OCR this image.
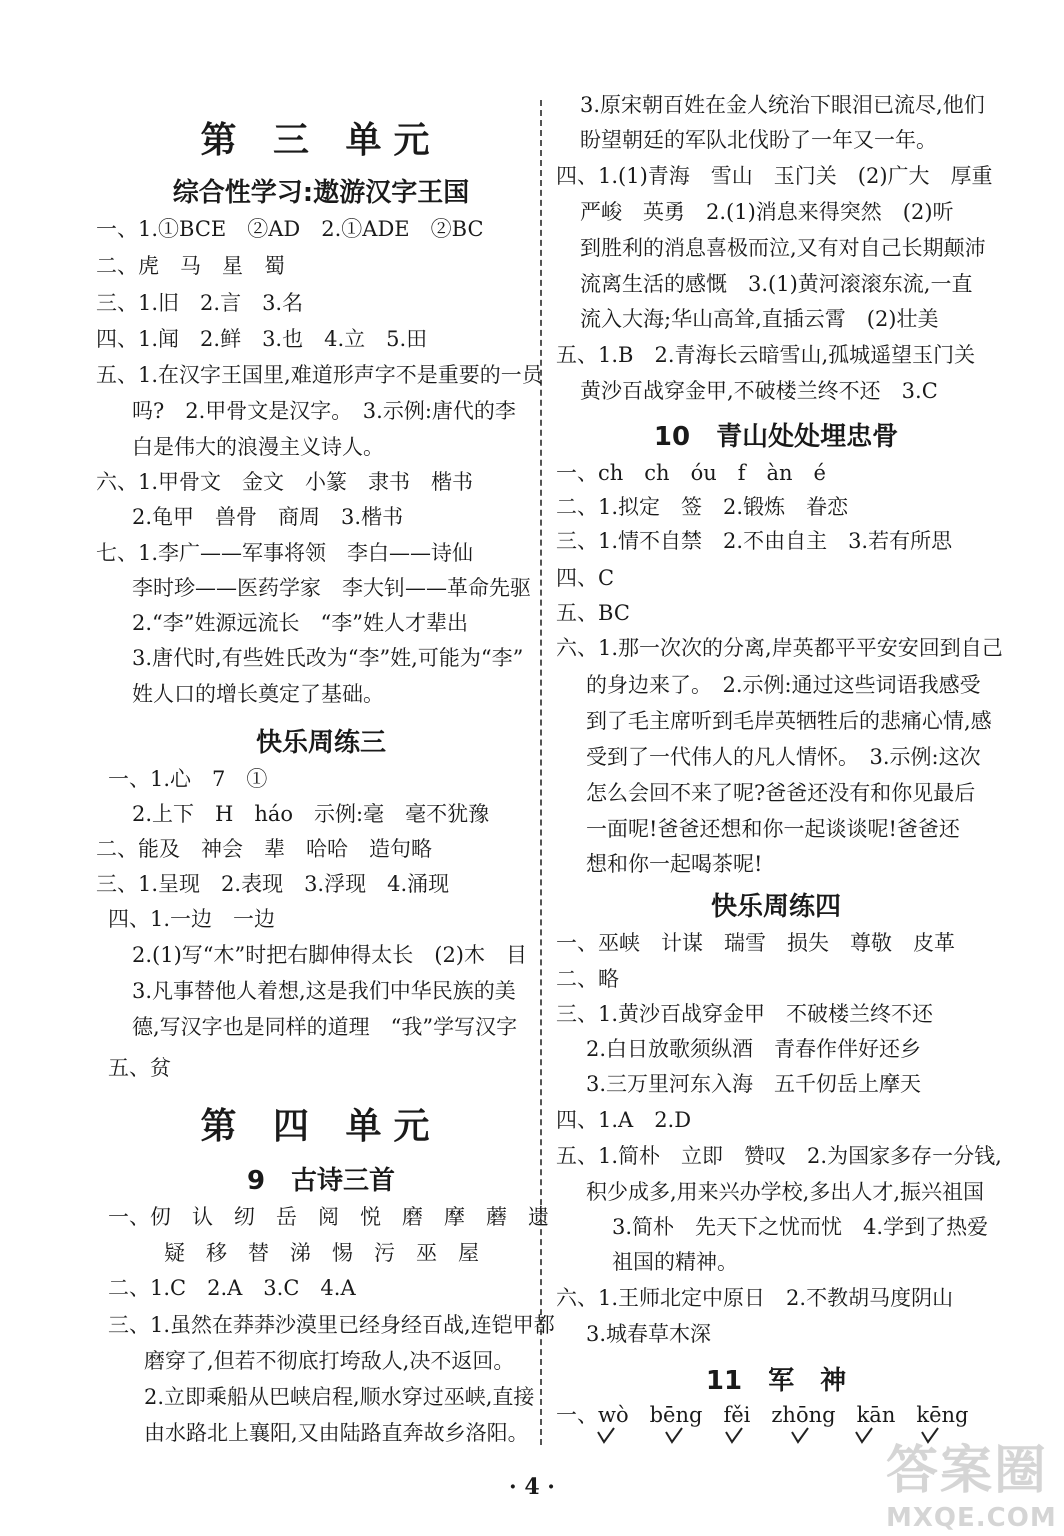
第 三 单元
综合性学习:遨游汉字王国
一、1.①BCE　②AD　2.①ADE　②BC
二、虎　马　星　蜀
三、1.旧　2.言　3.名
四、1.闻　2.鲜　3.也　4.立　5.田
五、1.在汉字王国里,难道形声字不是重要的一员
吗?　2.甲骨文是汉字。　3.示例:唐代的李
白是伟大的浪漫主义诗人。
六、1.甲骨文　金文　小篆　隶书　楷书
2.龟甲　兽骨　商周　3.楷书
七、1.李广——军事将领　李白——诗仙
李时珍——医药学家　李大钊——革命先驱
2.“李”姓源远流长　“李”姓人才辈出
3.唐代时,有些姓氏改为“李”姓,可能为“李”
姓人口的增长奠定了基础。
快乐周练三
一、1.心　7　①
2.上下　H　háo　示例:毫　毫不犹豫
二、能及　神会　辈　哈哈　造句略
三、1.呈现　2.表现　3.浮现　4.涌现
四、1.一边　一边
2.(1)写“木”时把右脚伸得太长　(2)木　目
3.凡事替他人着想,这是我们中华民族的美
德,写汉字也是同样的道理　“我”学写汉字
五、贫
第 四 单元
9　古诗三首
一、仞　认　纫　岳　阅　悦　磨　摩　蘑　遗
疑　移　替　涕　惕　污　巫　屋
二、1.C　2.A　3.C　4.A
三、1.虽然在莽莽沙漠里已经身经百战,连铠甲都
磨穿了,但若不彻底打垮敌人,决不返回。
2.立即乘船从巴峡启程,顺水穿过巫峡,直接
由水路北上襄阳,又由陆路直奔故乡洛阳。
3.原宋朝百姓在金人统治下眼泪已流尽,他们
盼望朝廷的军队北伐盼了一年又一年。
四、1.(1)青海　雪山　玉门关　(2)广大　厚重
严峻　英勇　2.(1)消息来得突然　(2)听
到胜利的消息喜极而泣,又有对自己长期颠沛
流离生活的感慨　3.(1)黄河滚滚东流,一直
流入大海;华山高耸,直插云霄　(2)壮美
五、1.B　2.青海长云暗雪山,孤城遥望玉门关
黄沙百战穿金甲,不破楼兰终不还　3.C
10　青山处处埋忠骨
一、ch　ch　óu　f　àn　é
二、1.拟定　签　2.锻炼　眷恋
三、1.情不自禁　2.不由自主　3.若有所思
四、C
五、BC
六、1.那一次次的分离,岸英都平平安安回到自己
的身边来了。　2.示例:通过这些词语我感受
到了毛主席听到毛岸英牺牲后的悲痛心情,感
受到了一代伟人的凡人情怀。　3.示例:这次
怎么会回不来了呢?爸爸还没有和你见最后
一面呢!爸爸还想和你一起谈谈呢!爸爸还
想和你一起喝茶呢!
快乐周练四
一、巫峡　计谋　瑞雪　损失　尊敬　皮革
二、略
三、1.黄沙百战穿金甲　不破楼兰终不还
2.白日放歌须纵酒　青春作伴好还乡
3.三万里河东入海　五千仞岳上摩天
四、1.A　2.D
五、1.简朴　立即　赞叹　2.为国家多存一分钱,
积少成多,用来兴办学校,多出人才,振兴祖国
3.简朴　先天下之忧而忧　4.学到了热爱
祖国的精神。
六、1.王师北定中原日　2.不教胡马度阴山
3.城春草木深
11　军　神
一、wò　bēng　fěi　zhōng　kān　kēng
· 4 ·	答案圈
MXQE.COM
